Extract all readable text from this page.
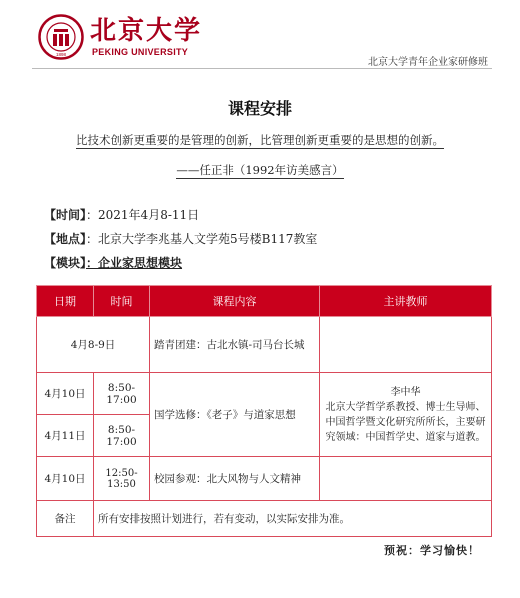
1898
北京大学
PEKING UNIVERSITY
北京大学青年企业家研修班
课程安排
比技术创新更重要的是管理的创新，比管理创新更重要的是思想的创新。
——任正非（1992年访美感言）
【时间】：2021年4月8-11日
【地点】：北京大学李兆基人文学苑5号楼B117教室
【模块】：企业家思想模块
日期	时间	课程内容	主讲教师
4月8-9日		踏青团建：古北水镇-司马台长城	
4月10日	8:50-17:00	国学选修：《老子》与道家思想	李中华
北京大学哲学系教授、博士生导师、
中国哲学暨文化研究所所长，主要研
究领域：中国哲学史、道家与道教。

4月11日	8:50-17:00		
4月10日	12:50-13:50	校园参观：北大风物与人文精神	
备注	所有安排按照计划进行，若有变动，以实际安排为准。		
预祝：学习愉快！
